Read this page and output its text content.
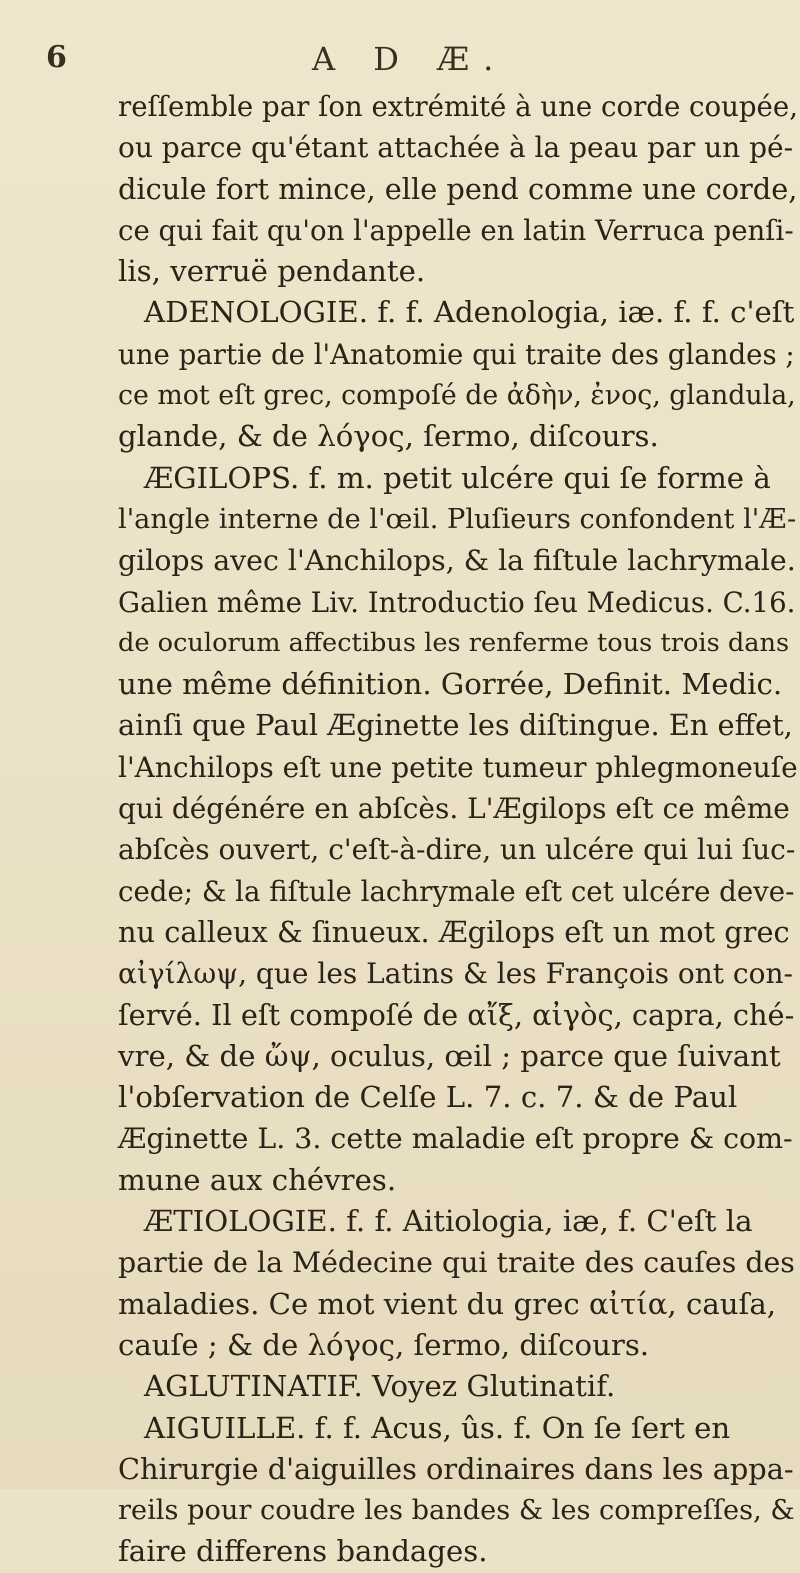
6	A D Æ.
reſſemble par ſon extrémité à une corde coupée,
ou parce qu'étant attachée à la peau par un pé-
dicule fort mince, elle pend comme une corde,
ce qui fait qu'on l'appelle en latin Verruca penſi-
lis, verruë pendante.
ADENOLOGIE. f. f. Adenologia, iæ. f. f. c'eſt
une partie de l'Anatomie qui traite des glandes ;
ce mot eſt grec, compoſé de ἀδὴν, ἐνος, glandula,
glande, & de λόγος, ſermo, diſcours.
ÆGILOPS. f. m. petit ulcére qui ſe forme à
l'angle interne de l'œil. Pluſieurs confondent l'Æ-
gilops avec l'Anchilops, & la fiſtule lachrymale.
Galien même Liv. Introductio ſeu Medicus. C.16.
de oculorum affectibus les renferme tous trois dans
une même définition. Gorrée, Definit. Medic.
ainſi que Paul Æginette les diſtingue. En effet,
l'Anchilops eſt une petite tumeur phlegmoneuſe
qui dégénére en abſcès. L'Ægilops eſt ce même
abſcès ouvert, c'eſt-à-dire, un ulcére qui lui ſuc-
cede; & la fiſtule lachrymale eſt cet ulcére deve-
nu calleux & ſinueux. Ægilops eſt un mot grec
αἰγίλωψ, que les Latins & les François ont con-
ſervé. Il eſt compoſé de αἴξ, αἰγὸς, capra, ché-
vre, & de ὤψ, oculus, œil ; parce que ſuivant
l'obſervation de Celſe L. 7. c. 7. & de Paul
Æginette L. 3. cette maladie eſt propre & com-
mune aux chévres.
ÆTIOLOGIE. f. f. Aitiologia, iæ, f. C'eſt la
partie de la Médecine qui traite des cauſes des
maladies. Ce mot vient du grec αἰτία, cauſa,
cauſe ; & de λόγος, ſermo, diſcours.
AGLUTINATIF. Voyez Glutinatif.
AIGUILLE. f. f. Acus, ûs. f. On ſe ſert en
Chirurgie d'aiguilles ordinaires dans les appa-
reils pour coudre les bandes & les compreſſes, &
faire differens bandages.
